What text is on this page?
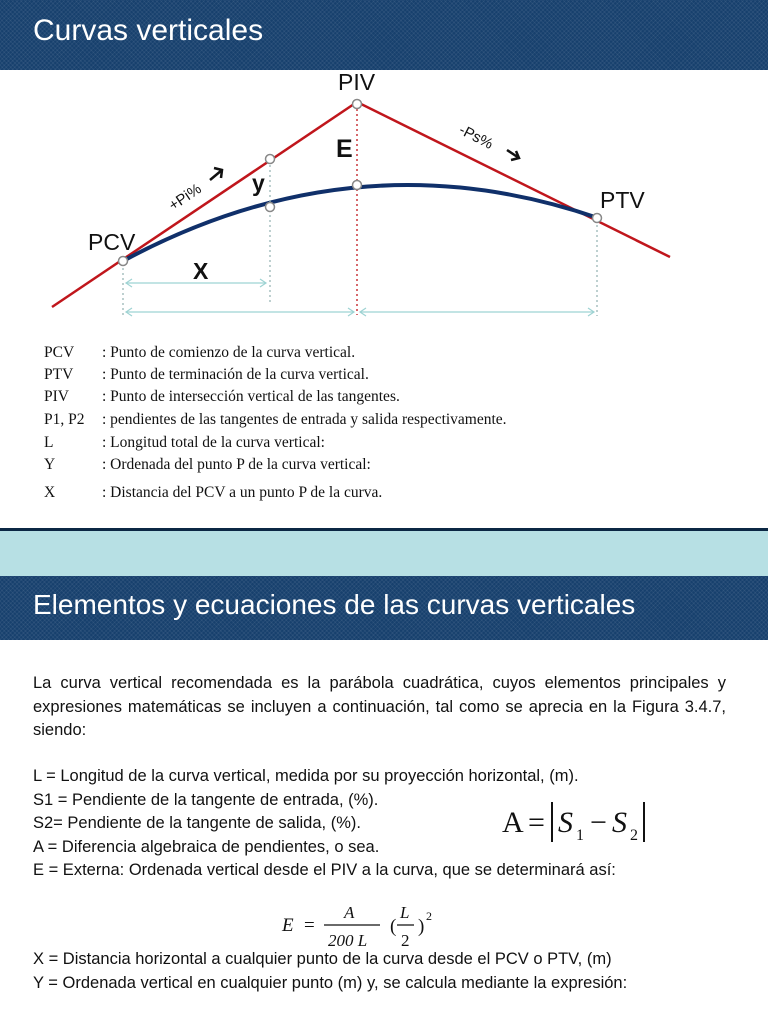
Curvas verticales
PIV
E
y
PTV
PCV
X
+Pi%
-Ps%
PCV : Punto de comienzo de la curva vertical.
PTV : Punto de terminación de la curva vertical.
PIV : Punto de intersección vertical de las tangentes.
P1, P2 : pendientes de las tangentes de entrada y salida respectivamente.
L	: Longitud total de la curva vertical:
Y	: Ordenada del punto P de la curva vertical:
X	: Distancia del PCV a un punto P de la curva.
Elementos y ecuaciones de las curvas verticales

La curva vertical recomendada es la parábola cuadrática, cuyos elementos principales y expresiones matemáticas se incluyen a continuación, tal como se aprecia en la Figura 3.4.7, siendo:

L = Longitud de la curva vertical, medida por su proyección horizontal, (m).
S1 = Pendiente de la tangente de entrada, (%).
S2= Pendiente de la tangente de salida, (%).
A = Diferencia algebraica de pendientes, o sea.
E = Externa: Ordenada vertical desde el PIV a la curva, que se determinará así:
A = S 1 − S 2
E =
A
200 L
(
L
2
) 2
X = Distancia horizontal a cualquier punto de la curva desde el PCV o PTV, (m)
Y = Ordenada vertical en cualquier punto (m) y, se calcula mediante la expresión:
